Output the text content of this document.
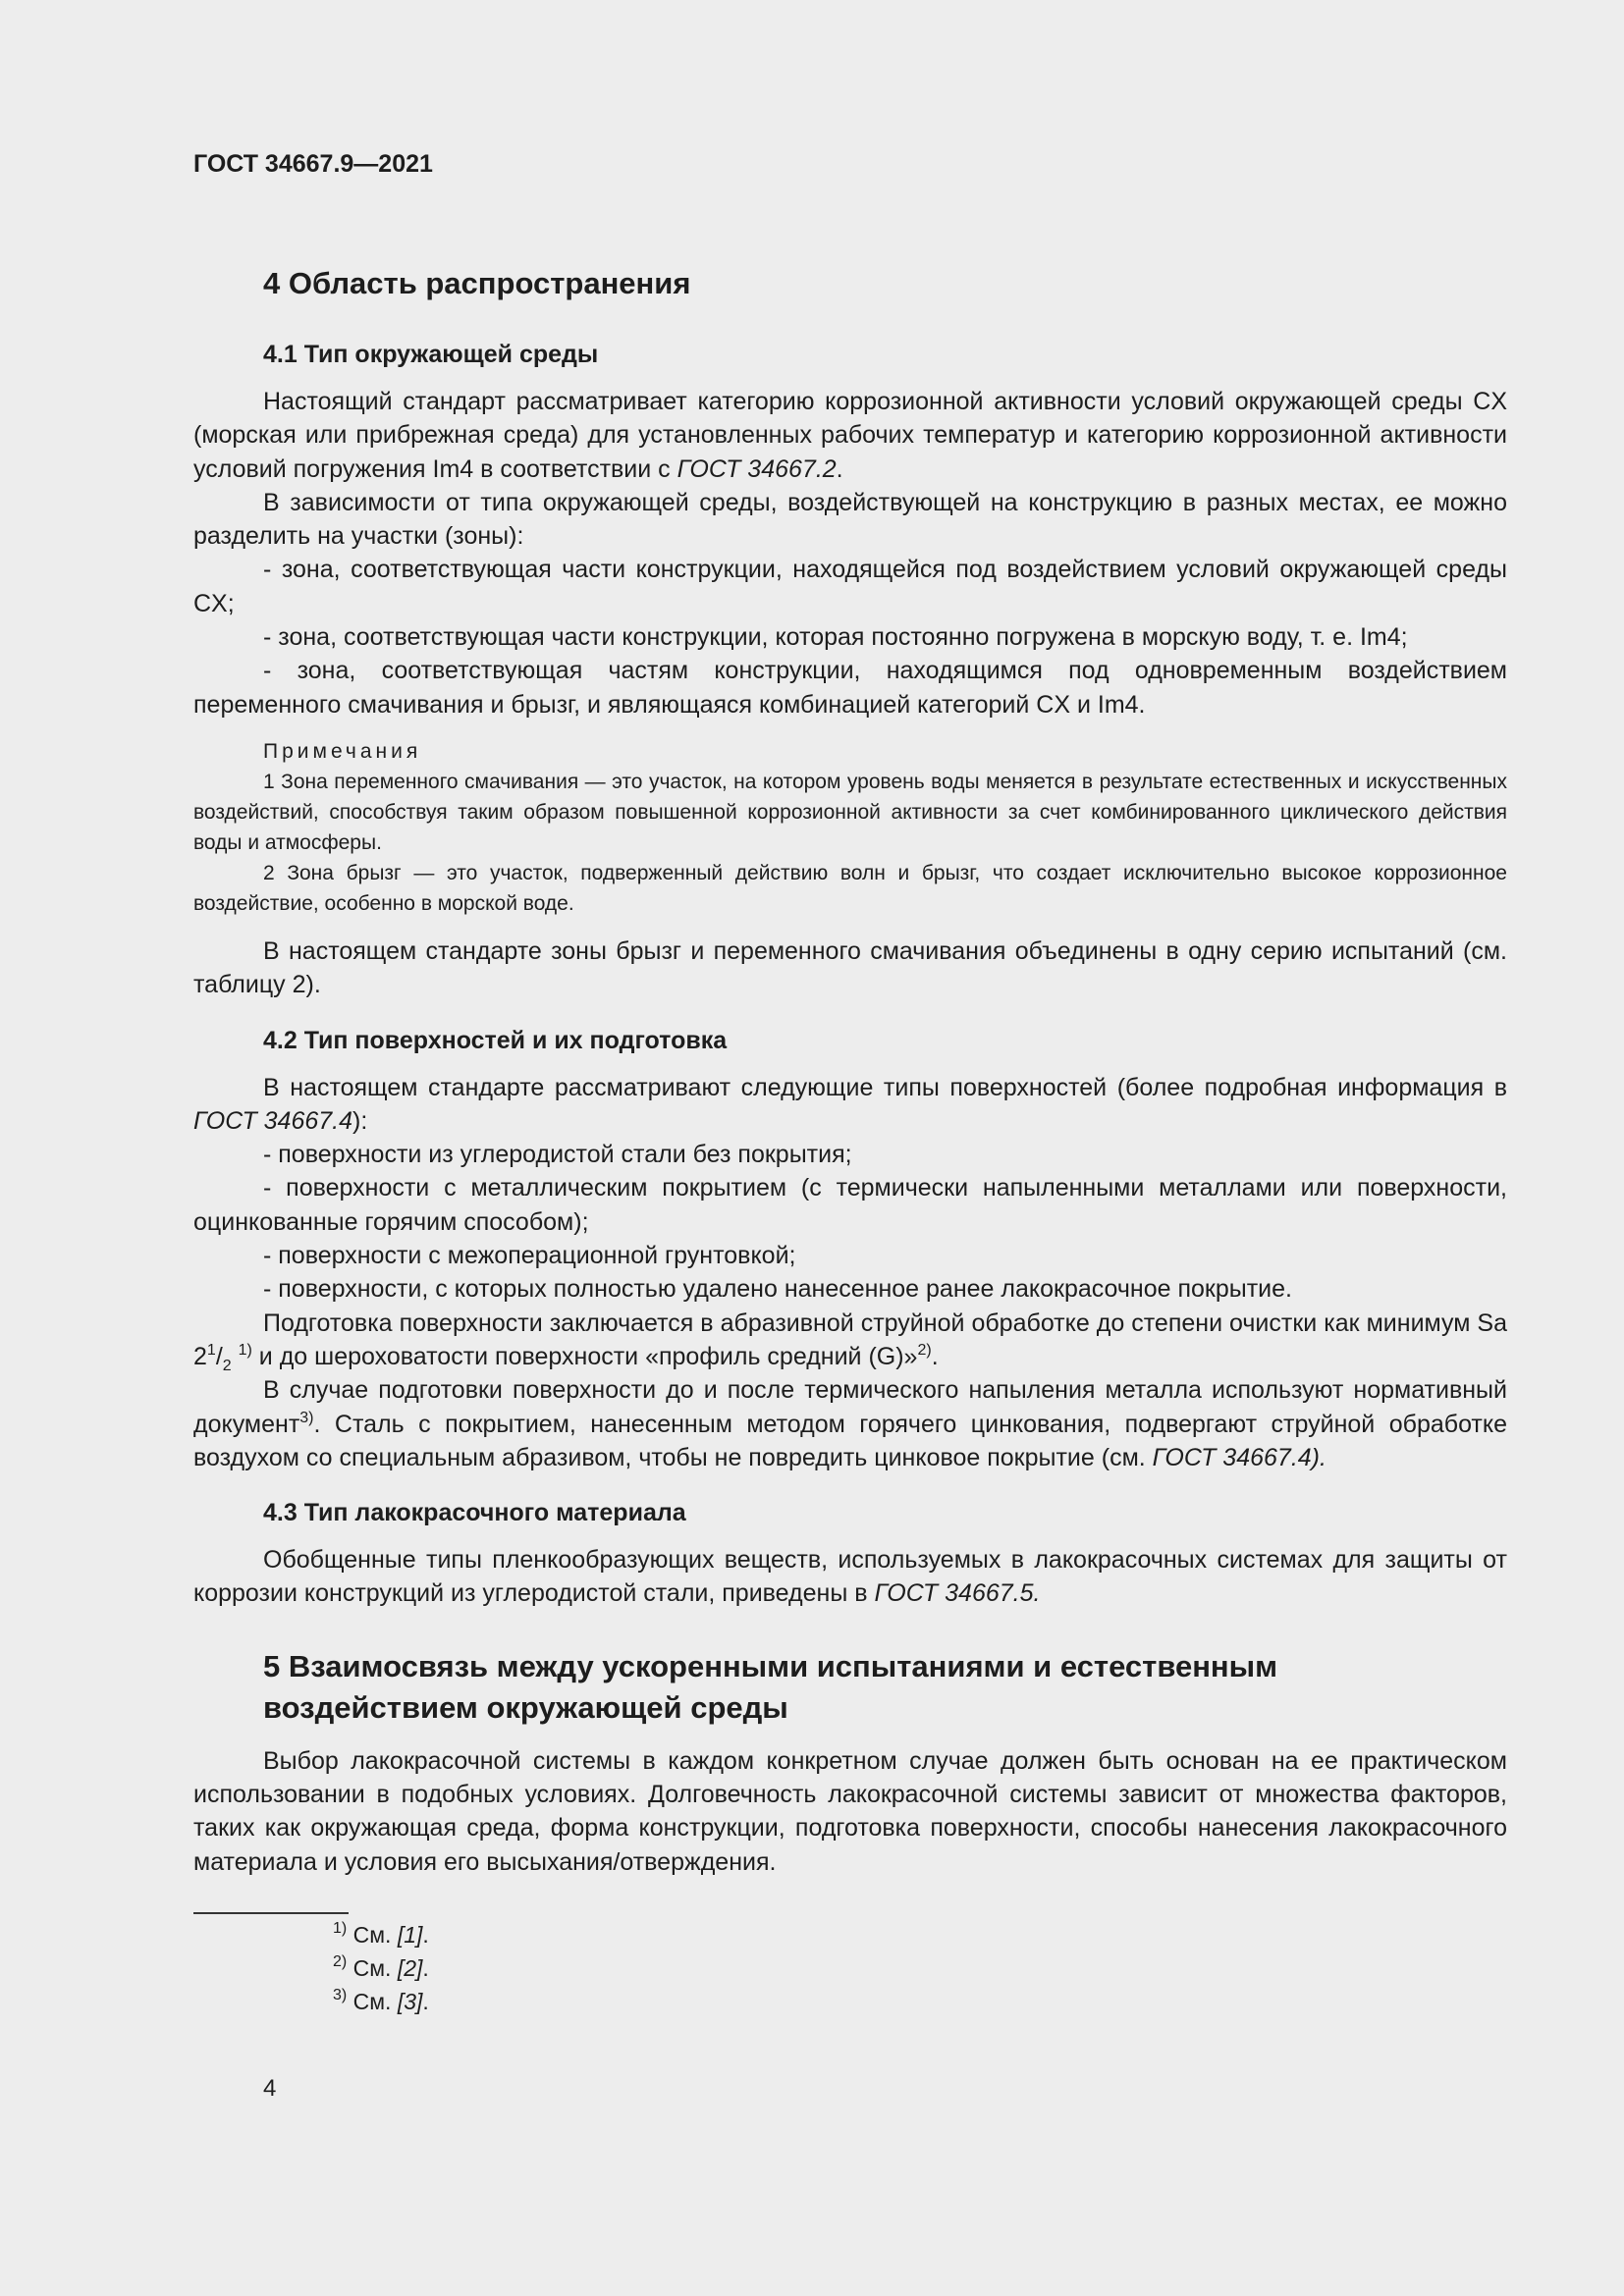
ГОСТ 34667.9—2021

4 Область распространения
4.1 Тип окружающей среды

Настоящий стандарт рассматривает категорию коррозионной активности условий окружающей среды CX (морская или прибрежная среда) для установленных рабочих температур и категорию коррозионной активности условий погружения Im4 в соответствии с ГОСТ 34667.2.

В зависимости от типа окружающей среды, воздействующей на конструкцию в разных местах, ее можно разделить на участки (зоны):

- зона, соответствующая части конструкции, находящейся под воздействием условий окружающей среды CX;

- зона, соответствующая части конструкции, которая постоянно погружена в морскую воду, т. е. Im4;

- зона, соответствующая частям конструкции, находящимся под одновременным воздействием переменного смачивания и брызг, и являющаяся комбинацией категорий CX и Im4.

Примечания

1 Зона переменного смачивания — это участок, на котором уровень воды меняется в результате естественных и искусственных воздействий, способствуя таким образом повышенной коррозионной активности за счет комбинированного циклического действия воды и атмосферы.

2 Зона брызг — это участок, подверженный действию волн и брызг, что создает исключительно высокое коррозионное воздействие, особенно в морской воде.

В настоящем стандарте зоны брызг и переменного смачивания объединены в одну серию испытаний (см. таблицу 2).

4.2 Тип поверхностей и их подготовка

В настоящем стандарте рассматривают следующие типы поверхностей (более подробная информация в ГОСТ 34667.4):

- поверхности из углеродистой стали без покрытия;

- поверхности с металлическим покрытием (с термически напыленными металлами или поверхности, оцинкованные горячим способом);

- поверхности с межоперационной грунтовкой;

- поверхности, с которых полностью удалено нанесенное ранее лакокрасочное покрытие.

Подготовка поверхности заключается в абразивной струйной обработке до степени очистки как минимум Sa $2^1/_2$ $^{1)}$ и до шероховатости поверхности «профиль средний (G)»$^{2)}$.

В случае подготовки поверхности до и после термического напыления металла используют нормативный документ$^{3)}$. Сталь с покрытием, нанесенным методом горячего цинкования, подвергают струйной обработке воздухом со специальным абразивом, чтобы не повредить цинковое покрытие (см. ГОСТ 34667.4).

4.3 Тип лакокрасочного материала

Обобщенные типы пленкообразующих веществ, используемых в лакокрасочных системах для защиты от коррозии конструкций из углеродистой стали, приведены в ГОСТ 34667.5.

5 Взаимосвязь между ускоренными испытаниями и естественным
воздействием окружающей среды

Выбор лакокрасочной системы в каждом конкретном случае должен быть основан на ее практическом использовании в подобных условиях. Долговечность лакокрасочной системы зависит от множества факторов, таких как окружающая среда, форма конструкции, подготовка поверхности, способы нанесения лакокрасочного материала и условия его высыхания/отверждения.

$^{1)}$ См. [1].

$^{2)}$ См. [2].

$^{3)}$ См. [3].

4
